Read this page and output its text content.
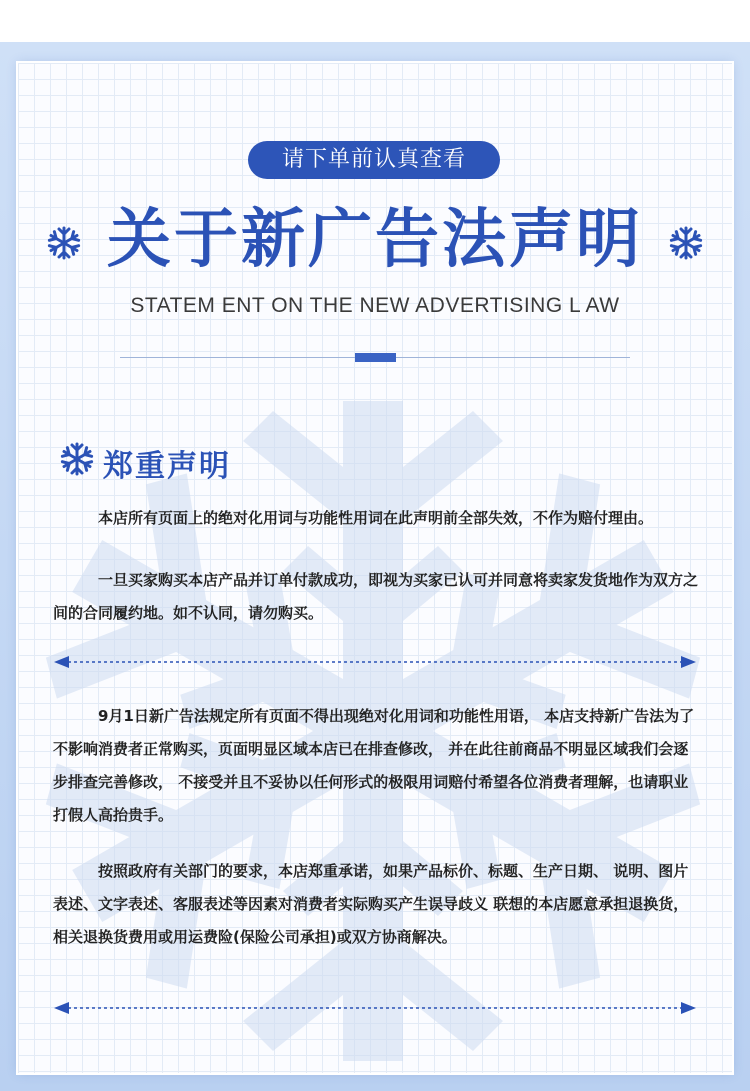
请下单前认真查看
关于新广告法声明
STATEM ENT ON THE NEW ADVERTISING L AW
郑重声明
本店所有页面上的绝对化用词与功能性用词在此声明前全部失效，不作为赔付理由。
一旦买家购买本店产品并订单付款成功，即视为买家已认可并同意将卖家发货地作为双方之间的合同履约地。如不认同，请勿购买。
9月1日新广告法规定所有页面不得出现绝对化用词和功能性用语， 本店支持新广告法为了不影响消费者正常购买，页面明显区域本店已在排查修改， 并在此往前商品不明显区域我们会逐步排查完善修改， 不接受并且不妥协以任何形式的极限用词赔付希望各位消费者理解，也请职业打假人高抬贵手。
按照政府有关部门的要求，本店郑重承诺，如果产品标价、标题、生产日期、 说明、图片表述、文字表述、客服表述等因素对消费者实际购买产生误导歧义 联想的本店愿意承担退换货，相关退换货费用或用运费险(保险公司承担)或双方协商解决。
